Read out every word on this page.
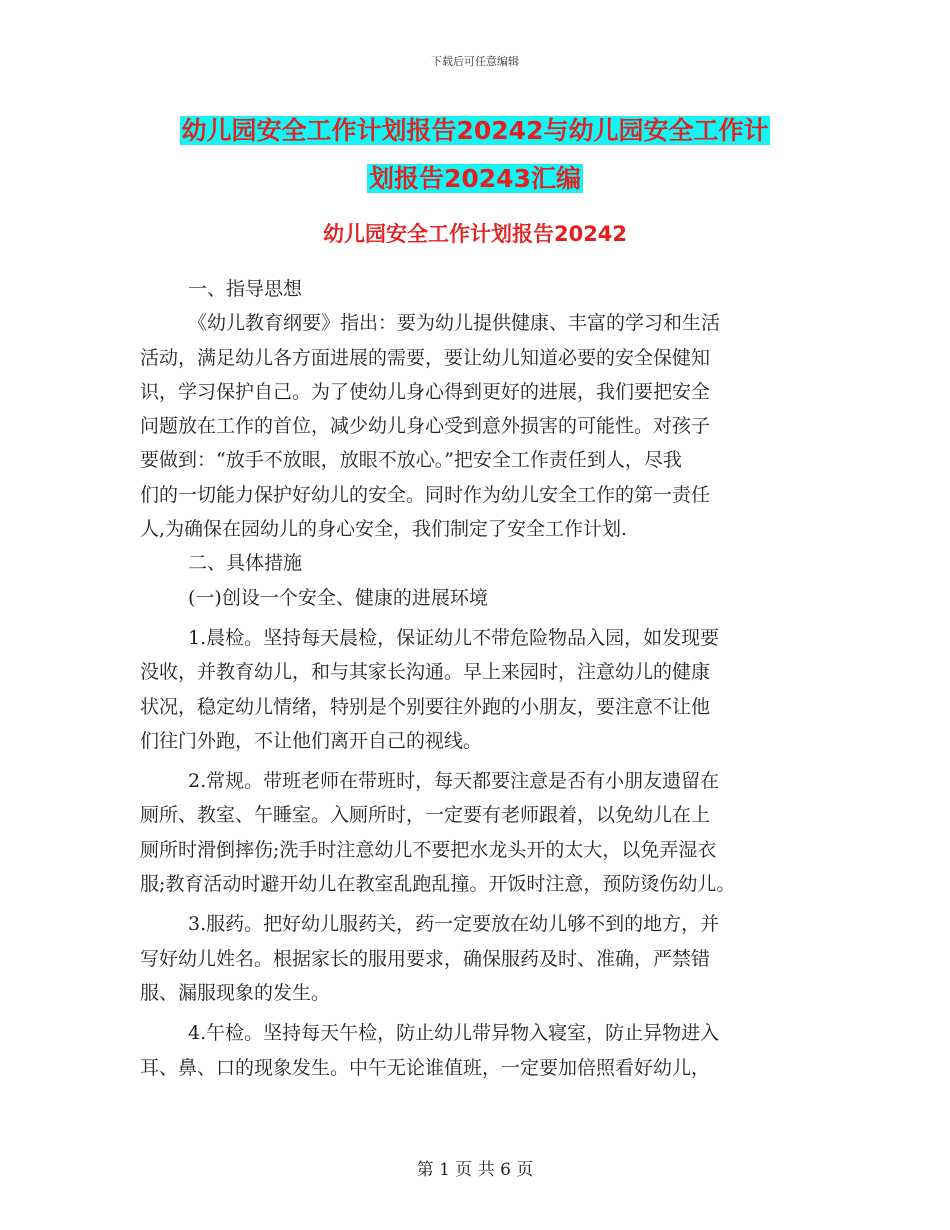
下载后可任意编辑
幼儿园安全工作计划报告20242与幼儿园安全工作计
划报告20243汇编
幼儿园安全工作计划报告20242

一、指导思想

《幼儿教育纲要》指出：要为幼儿提供健康、丰富的学习和生活

活动，满足幼儿各方面进展的需要，要让幼儿知道必要的安全保健知

识，学习保护自己。为了使幼儿身心得到更好的进展，我们要把安全

问题放在工作的首位，减少幼儿身心受到意外损害的可能性。对孩子

要做到：“放手不放眼，放眼不放心。”把安全工作责任到人，尽我

们的一切能力保护好幼儿的安全。同时作为幼儿安全工作的第一责任

人,为确保在园幼儿的身心安全，我们制定了安全工作计划.

二、具体措施

(一)创设一个安全、健康的进展环境

1.晨检。坚持每天晨检，保证幼儿不带危险物品入园，如发现要

没收，并教育幼儿，和与其家长沟通。早上来园时，注意幼儿的健康

状况，稳定幼儿情绪，特别是个别要往外跑的小朋友，要注意不让他

们往门外跑，不让他们离开自己的视线。

2.常规。带班老师在带班时，每天都要注意是否有小朋友遗留在

厕所、教室、午睡室。入厕所时，一定要有老师跟着，以免幼儿在上

厕所时滑倒摔伤;洗手时注意幼儿不要把水龙头开的太大，以免弄湿衣

服;教育活动时避开幼儿在教室乱跑乱撞。开饭时注意，预防烫伤幼儿。

3.服药。把好幼儿服药关，药一定要放在幼儿够不到的地方，并

写好幼儿姓名。根据家长的服用要求，确保服药及时、准确，严禁错

服、漏服现象的发生。

4.午检。坚持每天午检，防止幼儿带异物入寝室，防止异物进入

耳、鼻、口的现象发生。中午无论谁值班，一定要加倍照看好幼儿，

第 1 页 共 6 页
